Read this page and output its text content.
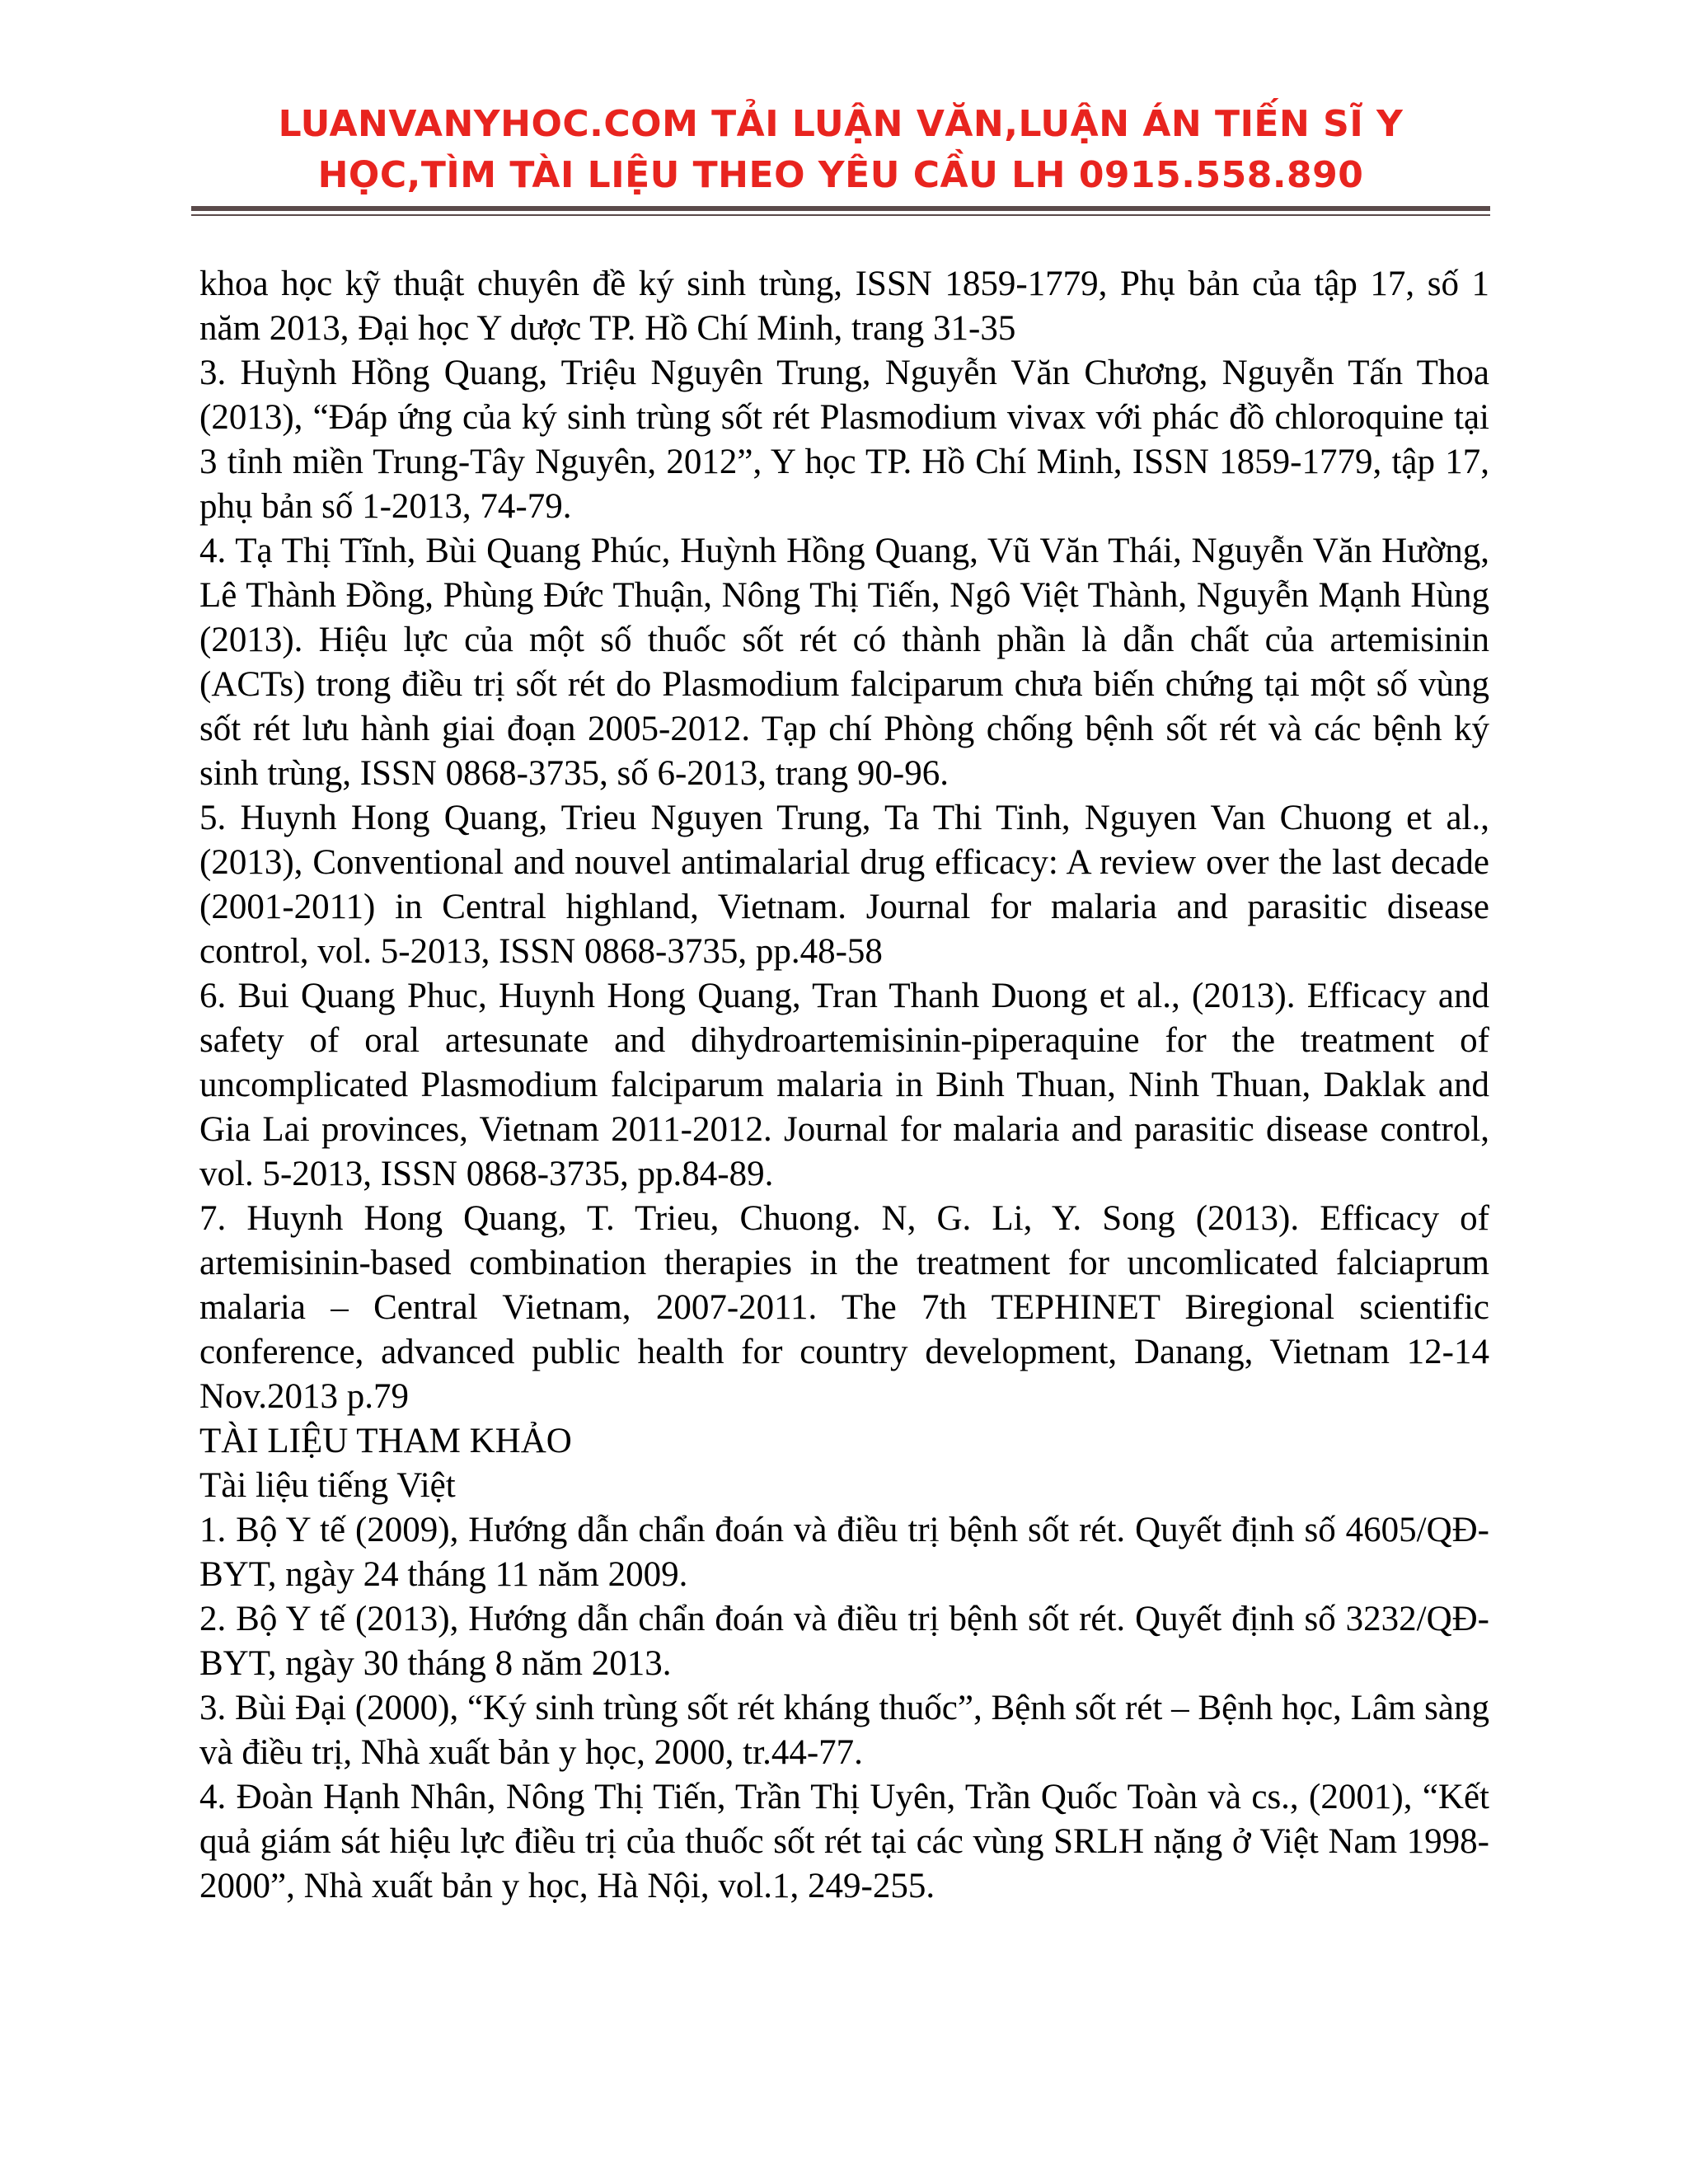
LUANVANYHOC.COM TẢI LUẬN VĂN,LUẬN ÁN TIẾN SĨ Y
HỌC,TÌM TÀI LIỆU THEO YÊU CẦU LH 0915.558.890

khoa học kỹ thuật chuyên đề ký sinh trùng, ISSN 1859-1779, Phụ bản của tập 17, số 1 năm 2013, Đại học Y dược TP. Hồ Chí Minh, trang 31-35

3. Huỳnh Hồng Quang, Triệu Nguyên Trung, Nguyễn Văn Chương, Nguyễn Tấn Thoa (2013), “Đáp ứng của ký sinh trùng sốt rét Plasmodium vivax với phác đồ chloroquine tại 3 tỉnh miền Trung-Tây Nguyên, 2012”, Y học TP. Hồ Chí Minh, ISSN 1859-1779, tập 17, phụ bản số 1-2013, 74-79.

4. Tạ Thị Tĩnh, Bùi Quang Phúc, Huỳnh Hồng Quang, Vũ Văn Thái, Nguyễn Văn Hường, Lê Thành Đồng, Phùng Đức Thuận, Nông Thị Tiến, Ngô Việt Thành, Nguyễn Mạnh Hùng (2013). Hiệu lực của một số thuốc sốt rét có thành phần là dẫn chất của artemisinin (ACTs) trong điều trị sốt rét do Plasmodium falciparum chưa biến chứng tại một số vùng sốt rét lưu hành giai đoạn 2005-2012. Tạp chí Phòng chống bệnh sốt rét và các bệnh ký sinh trùng, ISSN 0868-3735, số 6-2013, trang 90-96.

5. Huynh Hong Quang, Trieu Nguyen Trung, Ta Thi Tinh, Nguyen Van Chuong et al., (2013), Conventional and nouvel antimalarial drug efficacy: A review over the last decade (2001-2011) in Central highland, Vietnam. Journal for malaria and parasitic disease control, vol. 5-2013, ISSN 0868-3735, pp.48-58

6. Bui Quang Phuc, Huynh Hong Quang, Tran Thanh Duong et al., (2013). Efficacy and safety of oral artesunate and dihydroartemisinin-piperaquine for the treatment of uncomplicated Plasmodium falciparum malaria in Binh Thuan, Ninh Thuan, Daklak and Gia Lai provinces, Vietnam 2011-2012. Journal for malaria and parasitic disease control, vol. 5-2013, ISSN 0868-3735, pp.84-89.

7. Huynh Hong Quang, T. Trieu, Chuong. N, G. Li, Y. Song (2013). Efficacy of artemisinin-based combination therapies in the treatment for uncomlicated falciaprum malaria – Central Vietnam, 2007-2011. The 7th TEPHINET Biregional scientific conference, advanced public health for country development, Danang, Vietnam 12-14 Nov.2013 p.79

TÀI LIỆU THAM KHẢO

Tài liệu tiếng Việt

1. Bộ Y tế (2009), Hướng dẫn chẩn đoán và điều trị bệnh sốt rét. Quyết định số 4605/QĐ-BYT, ngày 24 tháng 11 năm 2009.

2. Bộ Y tế (2013), Hướng dẫn chẩn đoán và điều trị bệnh sốt rét. Quyết định số 3232/QĐ-BYT, ngày 30 tháng 8 năm 2013.

3. Bùi Đại (2000), “Ký sinh trùng sốt rét kháng thuốc”, Bệnh sốt rét – Bệnh học, Lâm sàng và điều trị, Nhà xuất bản y học, 2000, tr.44-77.

4. Đoàn Hạnh Nhân, Nông Thị Tiến, Trần Thị Uyên, Trần Quốc Toàn và cs., (2001), “Kết quả giám sát hiệu lực điều trị của thuốc sốt rét tại các vùng SRLH nặng ở Việt Nam 1998-2000”, Nhà xuất bản y học, Hà Nội, vol.1, 249-255.
